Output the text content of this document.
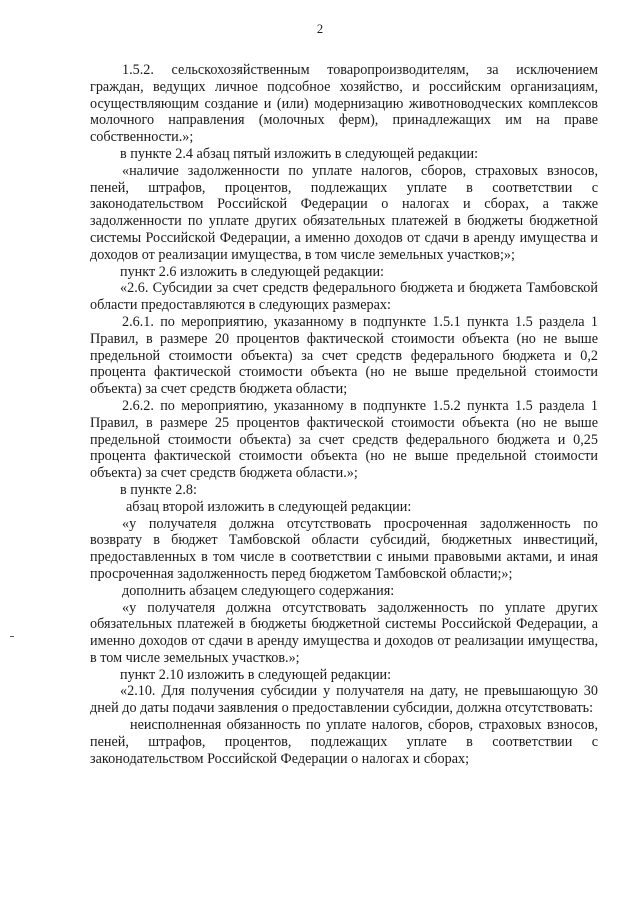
2

1.5.2. сельскохозяйственным товаропроизводителям, за исключением граждан, ведущих личное подсобное хозяйство, и российским организациям, осуществляющим создание и (или) модернизацию животноводческих комплексов молочного направления (молочных ферм), принадлежащих им на праве собственности.»;

в пункте 2.4 абзац пятый изложить в следующей редакции:

«наличие задолженности по уплате налогов, сборов, страховых взносов, пеней, штрафов, процентов, подлежащих уплате в соответствии с законодательством Российской Федерации о налогах и сборах, а также задолженности по уплате других обязательных платежей в бюджеты бюджетной системы Российской Федерации, а именно доходов от сдачи в аренду имущества и доходов от реализации имущества, в том числе земельных участков;»;

пункт 2.6 изложить в следующей редакции:

«2.6. Субсидии за счет средств федерального бюджета и бюджета Тамбовской области предоставляются в следующих размерах:

2.6.1. по мероприятию, указанному в подпункте 1.5.1 пункта 1.5 раздела 1 Правил, в размере 20 процентов фактической стоимости объекта (но не выше предельной стоимости объекта) за счет средств федерального бюджета и 0,2 процента фактической стоимости объекта (но не выше предельной стоимости объекта) за счет средств бюджета области;

2.6.2. по мероприятию, указанному в подпункте 1.5.2 пункта 1.5 раздела 1 Правил, в размере 25 процентов фактической стоимости объекта (но не выше предельной стоимости объекта) за счет средств федерального бюджета и 0,25 процента фактической стоимости объекта (но не выше предельной стоимости объекта) за счет средств бюджета области.»;

в пункте 2.8:

абзац второй изложить в следующей редакции:

«у получателя должна отсутствовать просроченная задолженность по возврату в бюджет Тамбовской области субсидий, бюджетных инвестиций, предоставленных в том числе в соответствии с иными правовыми актами, и иная просроченная задолженность перед бюджетом Тамбовской области;»;

дополнить абзацем следующего содержания:

«у получателя должна отсутствовать задолженность по уплате других обязательных платежей в бюджеты бюджетной системы Российской Федерации, а именно доходов от сдачи в аренду имущества и доходов от реализации имущества, в том числе земельных участков.»;

пункт 2.10 изложить в следующей редакции:

«2.10. Для получения субсидии у получателя на дату, не превышающую 30 дней до даты подачи заявления о предоставлении субсидии, должна отсутствовать:

неисполненная обязанность по уплате налогов, сборов, страховых взносов, пеней, штрафов, процентов, подлежащих уплате в соответствии с законодательством Российской Федерации о налогах и сборах;
